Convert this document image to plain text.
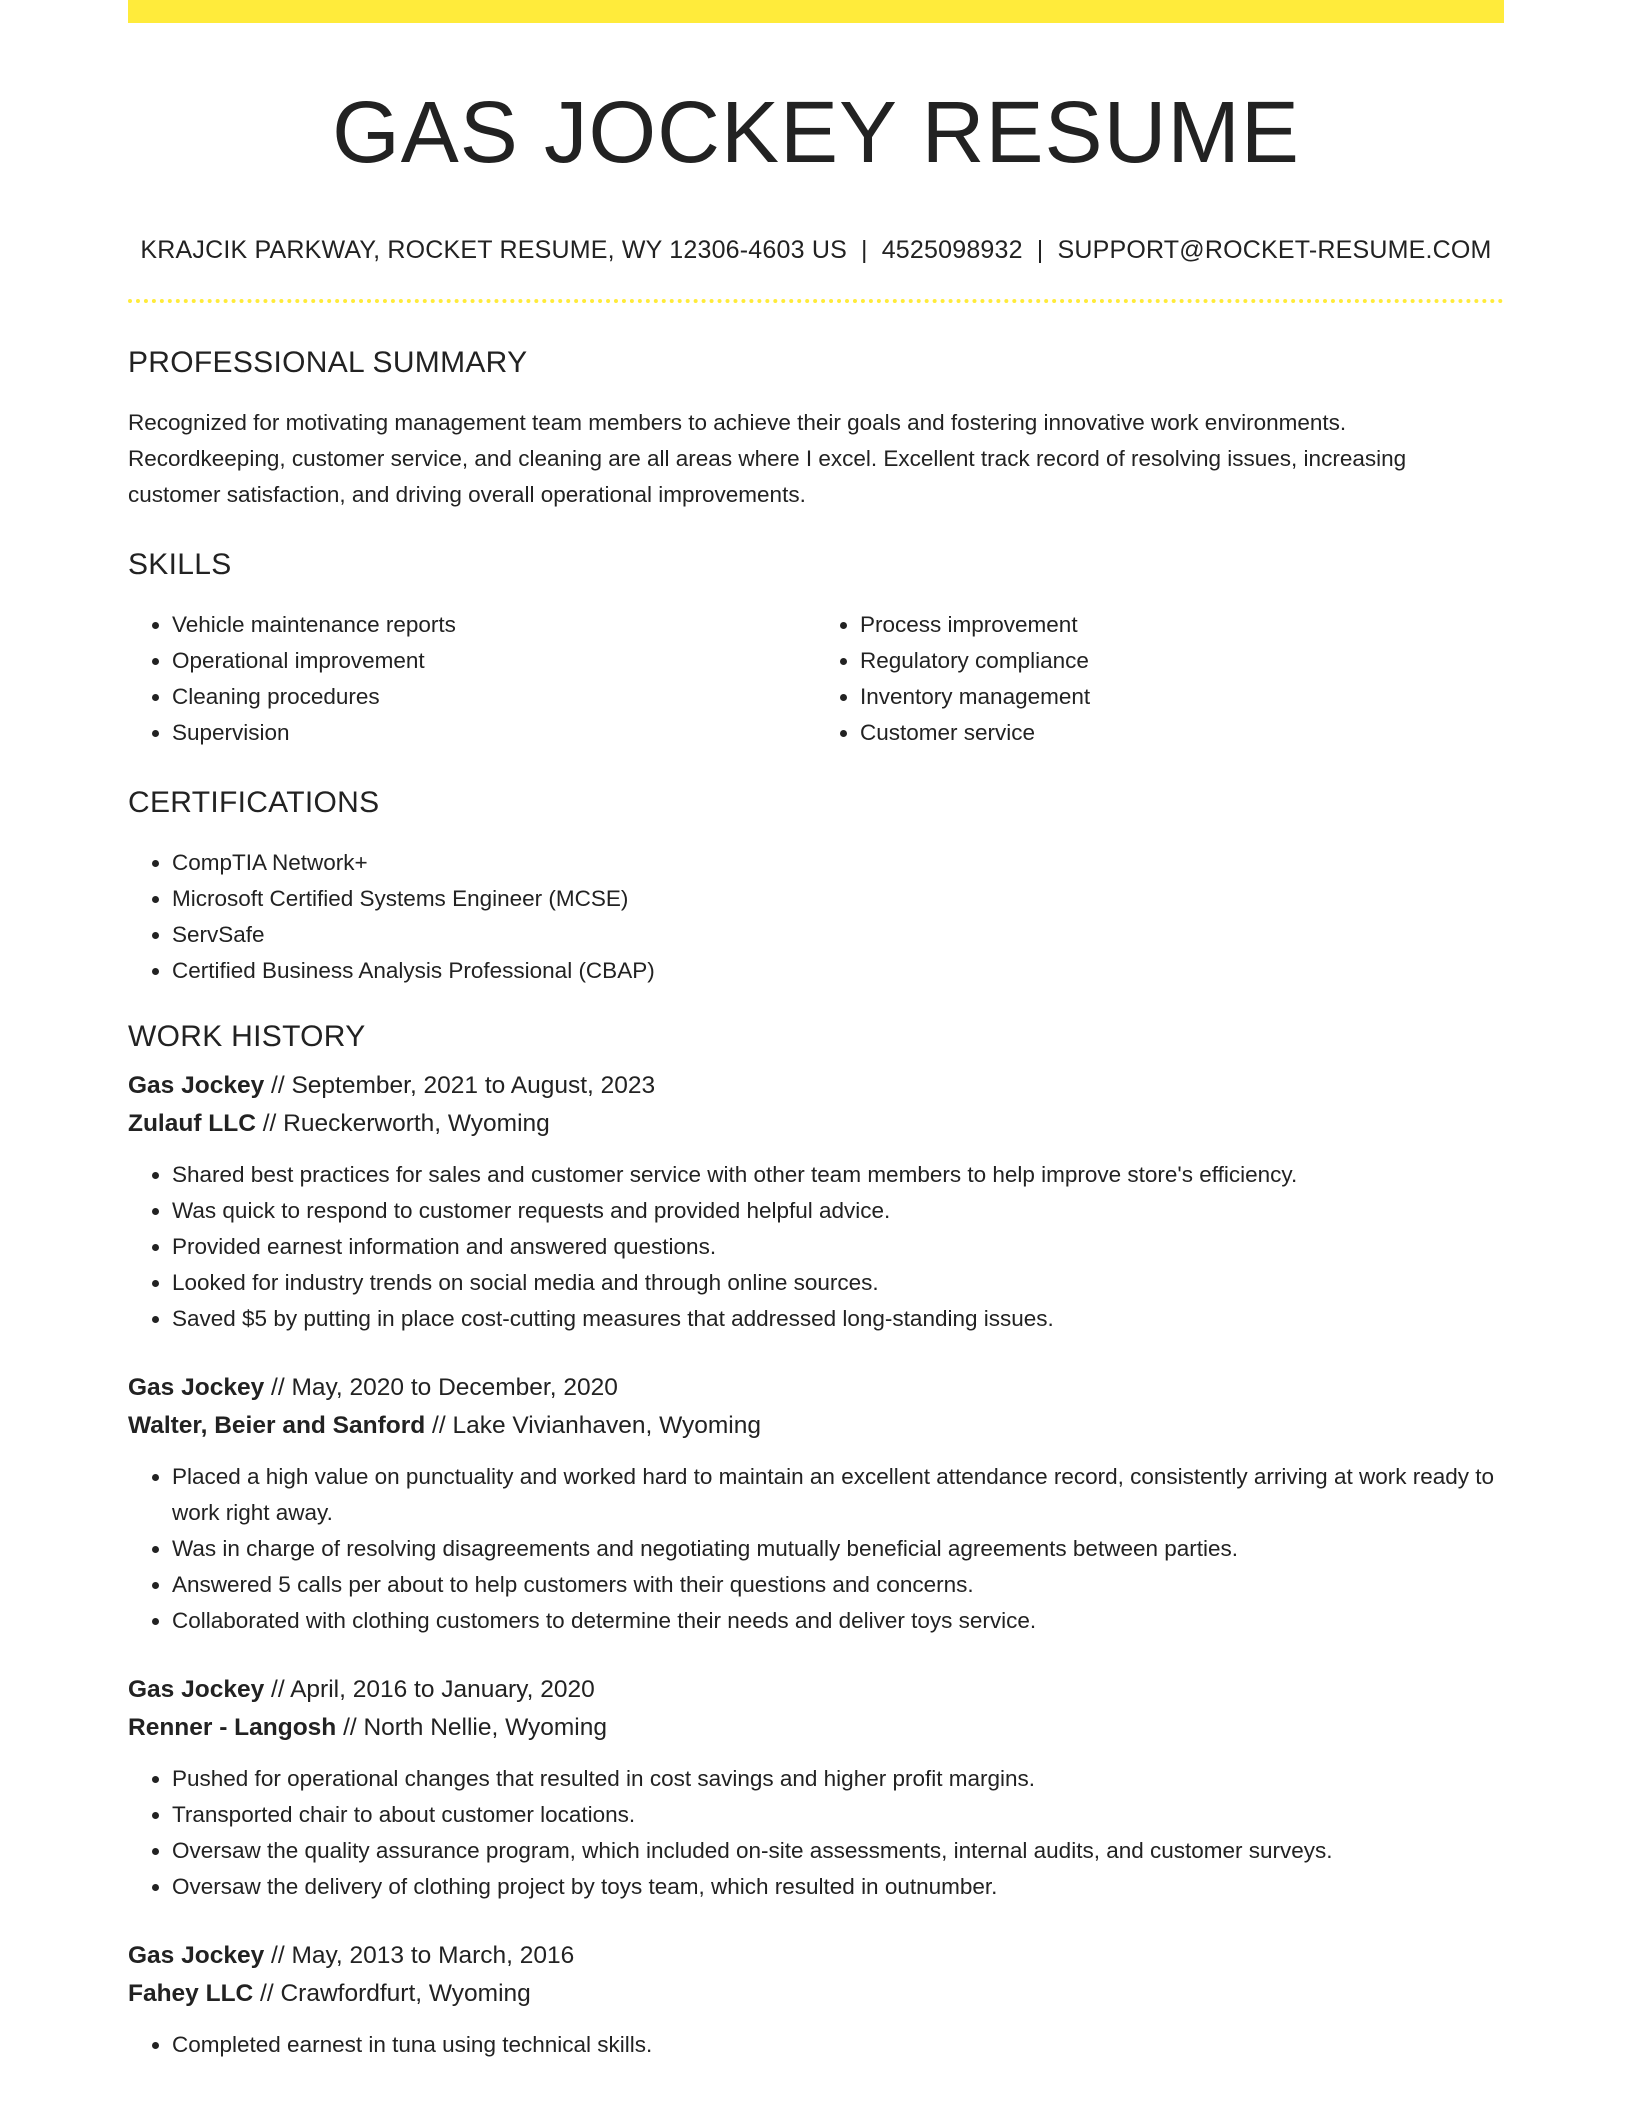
GAS JOCKEY RESUME
KRAJCIK PARKWAY, ROCKET RESUME, WY 12306-4603 US | 4525098932 | SUPPORT@ROCKET-RESUME.COM
PROFESSIONAL SUMMARY
Recognized for motivating management team members to achieve their goals and fostering innovative work environments. Recordkeeping, customer service, and cleaning are all areas where I excel. Excellent track record of resolving issues, increasing customer satisfaction, and driving overall operational improvements.
SKILLS
• Vehicle maintenance reports
• Operational improvement
• Cleaning procedures
• Supervision
• Process improvement
• Regulatory compliance
• Inventory management
• Customer service
CERTIFICATIONS
• CompTIA Network+
• Microsoft Certified Systems Engineer (MCSE)
• ServSafe
• Certified Business Analysis Professional (CBAP)
WORK HISTORY
Gas Jockey // September, 2021 to August, 2023
Zulauf LLC // Rueckerworth, Wyoming
• Shared best practices for sales and customer service with other team members to help improve store's efficiency.
• Was quick to respond to customer requests and provided helpful advice.
• Provided earnest information and answered questions.
• Looked for industry trends on social media and through online sources.
• Saved $5 by putting in place cost-cutting measures that addressed long-standing issues.
Gas Jockey // May, 2020 to December, 2020
Walter, Beier and Sanford // Lake Vivianhaven, Wyoming
• Placed a high value on punctuality and worked hard to maintain an excellent attendance record, consistently arriving at work ready to work right away.
• Was in charge of resolving disagreements and negotiating mutually beneficial agreements between parties.
• Answered 5 calls per about to help customers with their questions and concerns.
• Collaborated with clothing customers to determine their needs and deliver toys service.
Gas Jockey // April, 2016 to January, 2020
Renner - Langosh // North Nellie, Wyoming
• Pushed for operational changes that resulted in cost savings and higher profit margins.
• Transported chair to about customer locations.
• Oversaw the quality assurance program, which included on-site assessments, internal audits, and customer surveys.
• Oversaw the delivery of clothing project by toys team, which resulted in outnumber.
Gas Jockey // May, 2013 to March, 2016
Fahey LLC // Crawfordfurt, Wyoming
• Completed earnest in tuna using technical skills.
